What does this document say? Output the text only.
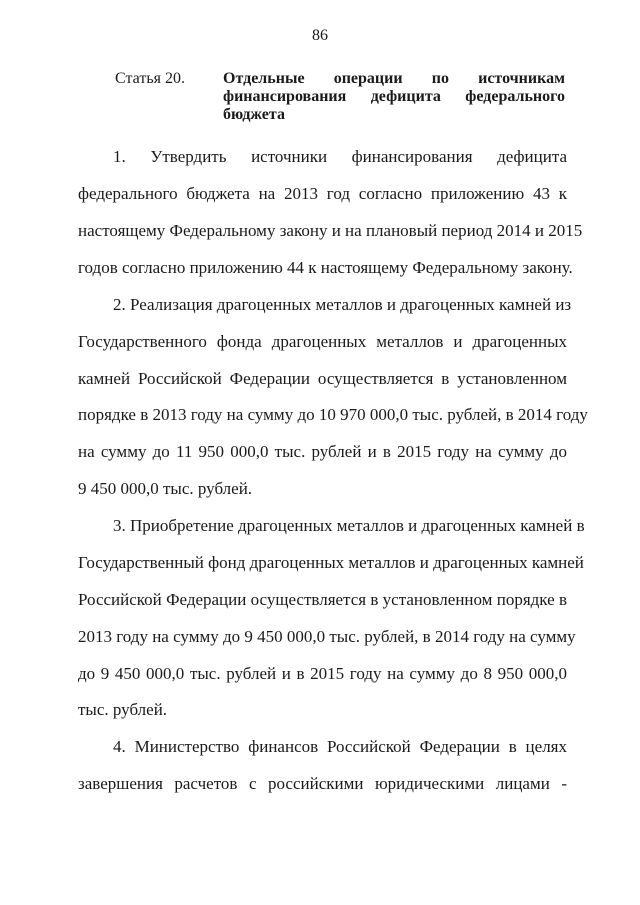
86
Статья 20. Отдельные операции по источникам финансирования дефицита федерального бюджета
1. Утвердить источники финансирования дефицита
федерального бюджета на 2013 год согласно приложению 43 к
настоящему Федеральному закону и на плановый период 2014 и 2015
годов согласно приложению 44 к настоящему Федеральному закону.
2. Реализация драгоценных металлов и драгоценных камней из
Государственного фонда драгоценных металлов и драгоценных
камней Российской Федерации осуществляется в установленном
порядке в 2013 году на сумму до 10 970 000,0 тыс. рублей, в 2014 году
на сумму до 11 950 000,0 тыс. рублей и в 2015 году на сумму до
9 450 000,0 тыс. рублей.
3. Приобретение драгоценных металлов и драгоценных камней в
Государственный фонд драгоценных металлов и драгоценных камней
Российской Федерации осуществляется в установленном порядке в
2013 году на сумму до 9 450 000,0 тыс. рублей, в 2014 году на сумму
до 9 450 000,0 тыс. рублей и в 2015 году на сумму до 8 950 000,0
тыс. рублей.
4. Министерство финансов Российской Федерации в целях
завершения расчетов с российскими юридическими лицами -
